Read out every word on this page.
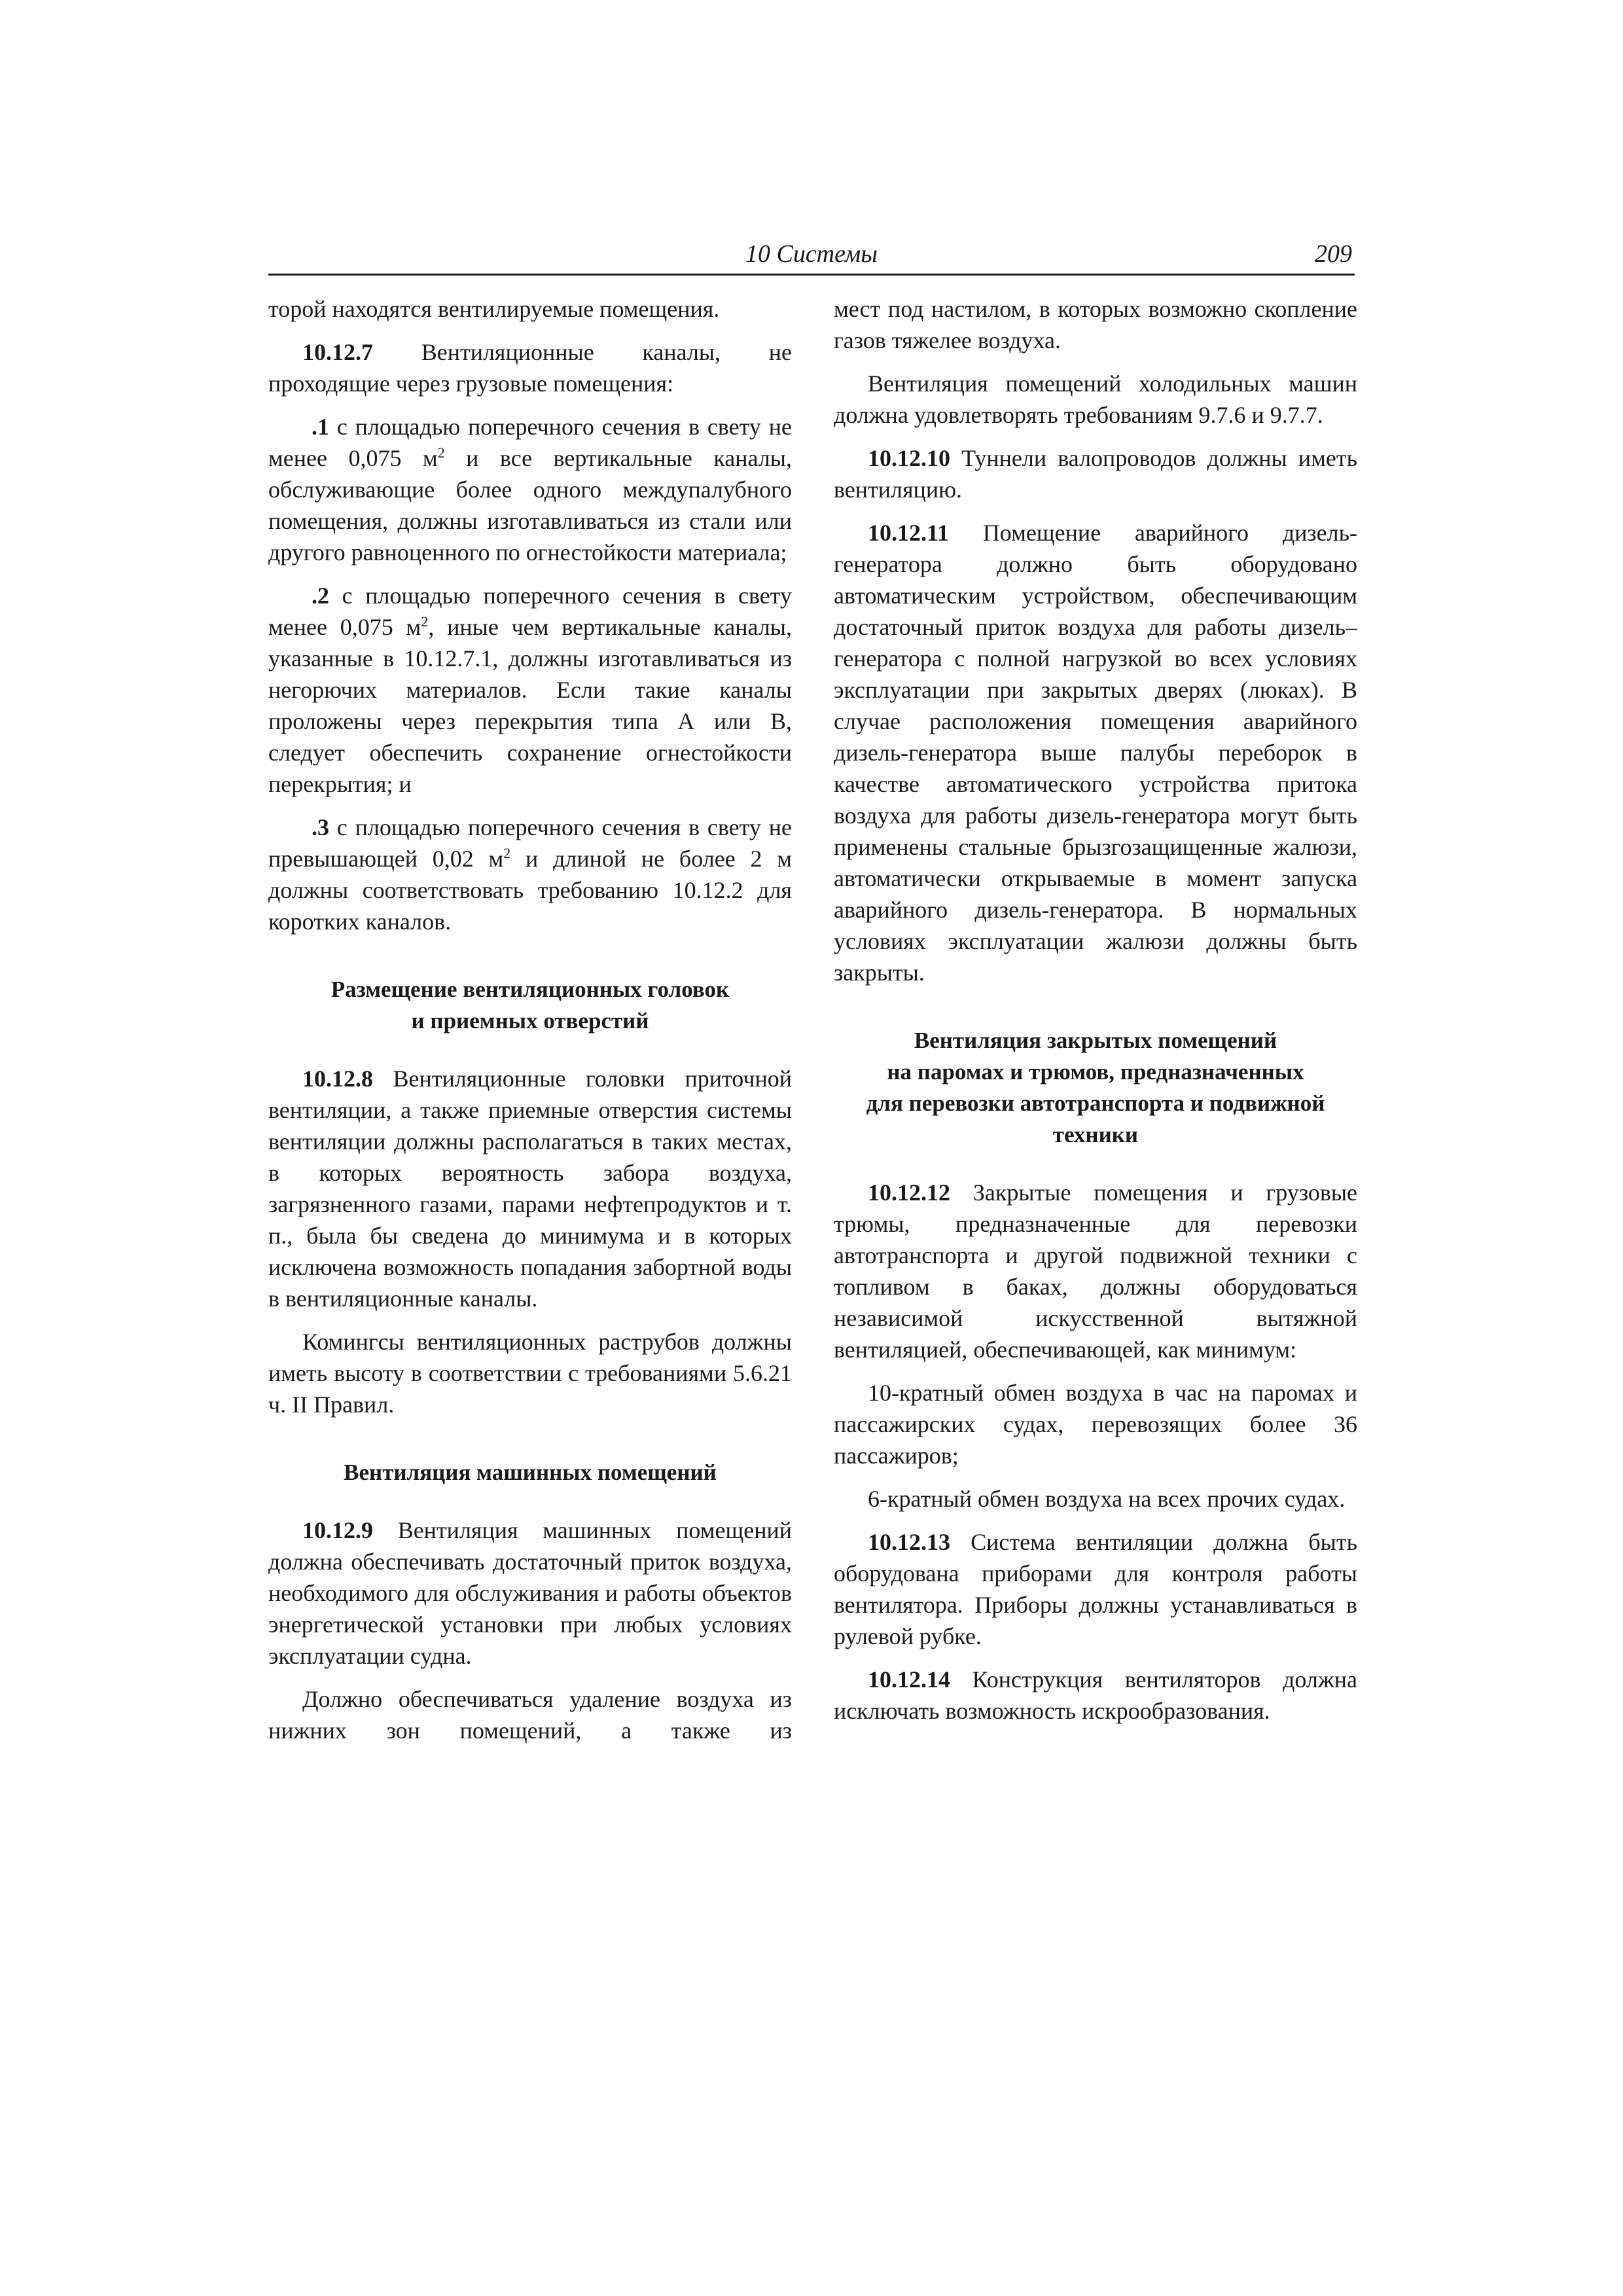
10 Системы	209

торой находятся вентилируемые помещения.

10.12.7 Вентиляционные каналы, не проходящие через грузовые помещения:

.1 с площадью поперечного сечения в свету не менее 0,075 $м^2$ и все вертикальные каналы, обслуживающие более одного междупалубного помещения, должны изготавливаться из стали или другого равноценного по огнестойкости материала;

.2 с площадью поперечного сечения в свету менее 0,075 $м^2$, иные чем вертикальные каналы, указанные в 10.12.7.1, должны изготавливаться из негорючих материалов. Если такие каналы проложены через перекрытия типа А или В, следует обеспечить сохранение огнестойкости перекрытия; и

.3 с площадью поперечного сечения в свету не превышающей 0,02 $м^2$ и длиной не более 2 м должны соответствовать требованию 10.12.2 для коротких каналов.

Размещение вентиляционных головок
и приемных отверстий

10.12.8 Вентиляционные головки приточной вентиляции, а также приемные отверстия системы вентиляции должны располагаться в таких местах, в которых вероятность забора воздуха, загрязненного газами, парами нефтепродуктов и т. п., была бы сведена до минимума и в которых исключена возможность попадания забортной воды в вентиляционные каналы.

Комингсы вентиляционных раструбов должны иметь высоту в соответствии с требованиями 5.6.21 ч. II Правил.

Вентиляция машинных помещений

10.12.9 Вентиляция машинных помещений должна обеспечивать достаточный приток воздуха, необходимого для обслуживания и работы объектов энергетической установки при любых условиях эксплуатации судна.

Должно обеспечиваться удаление воздуха из нижних зон помещений, а также из

мест под настилом, в которых возможно скопление газов тяжелее воздуха.

Вентиляция помещений холодильных машин должна удовлетворять требованиям 9.7.6 и 9.7.7.

10.12.10 Туннели валопроводов должны иметь вентиляцию.

10.12.11 Помещение аварийного дизель-генератора должно быть оборудовано автоматическим устройством, обеспечивающим достаточный приток воздуха для работы дизель–генератора с полной нагрузкой во всех условиях эксплуатации при закрытых дверях (люках). В случае расположения помещения аварийного дизель-генератора выше палубы переборок в качестве автоматического устройства притока воздуха для работы дизель-генератора могут быть применены стальные брызгозащищенные жалюзи, автоматически открываемые в момент запуска аварийного дизель-генератора. В нормальных условиях эксплуатации жалюзи должны быть закрыты.

Вентиляция закрытых помещений
на паромах и трюмов, предназначенных
для перевозки автотранспорта и подвижной
техники

10.12.12 Закрытые помещения и грузовые трюмы, предназначенные для перевозки автотранспорта и другой подвижной техники с топливом в баках, должны оборудоваться независимой искусственной вытяжной вентиляцией, обеспечивающей, как минимум:

10-кратный обмен воздуха в час на паромах и пассажирских судах, перевозящих более 36 пассажиров;

6-кратный обмен воздуха на всех прочих судах.

10.12.13 Система вентиляции должна быть оборудована приборами для контроля работы вентилятора. Приборы должны устанавливаться в рулевой рубке.

10.12.14 Конструкция вентиляторов должна исключать возможность искрообразования.
